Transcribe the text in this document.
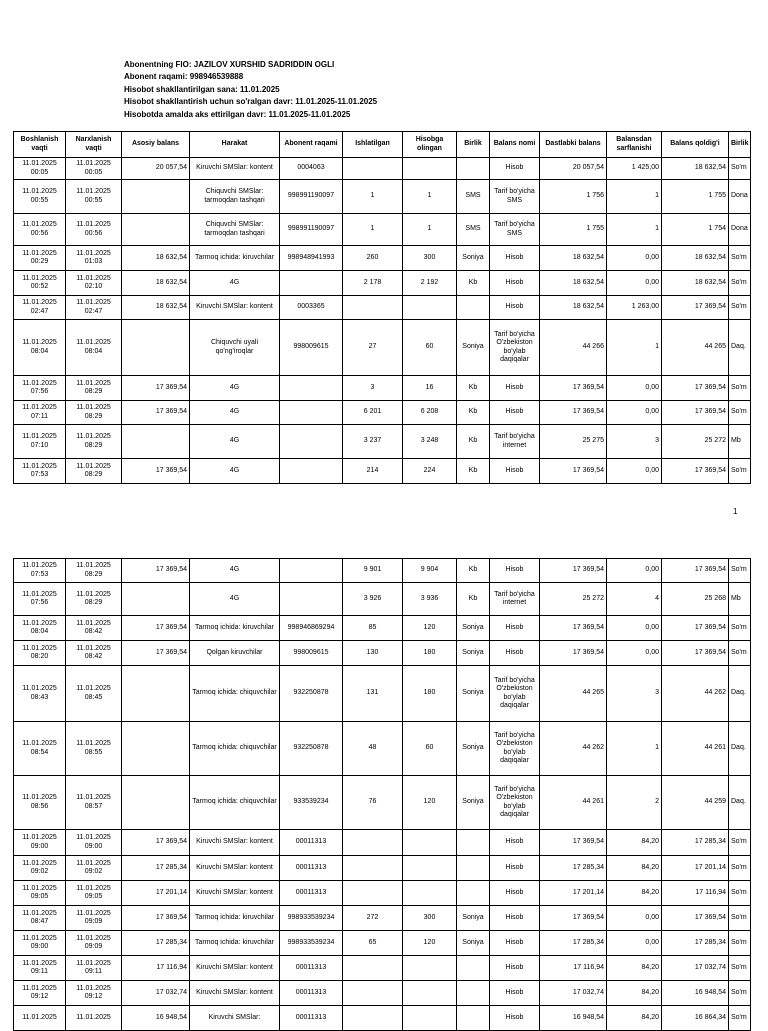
Abonentning FIO: JAZILOV XURSHID SADRIDDIN OGLI
Abonent raqami: 998946539888
Hisobot shakllantirilgan sana: 11.01.2025
Hisobot shakllantirish uchun so'ralgan davr: 11.01.2025-11.01.2025
Hisobotda amalda aks ettirilgan davr: 11.01.2025-11.01.2025
Boshlanish vaqti	Narxlanish vaqti	Asosiy balans	Harakat	Abonent raqami	Ishlatilgan	Hisobga olingan	Birlik	Balans nomi	Dastlabki balans	Balansdan sarflanishi	Balans qoldig'i	Birlik
11.01.2025 00:05	11.01.2025 00:05	20 057,54	Kiruvchi SMSlar: kontent	0004063				Hisob	20 057,54	1 425,00	18 632,54	So'm
11.01.2025 00:55	11.01.2025 00:55		Chiquvchi SMSlar: tarmoqdan tashqari	998991190097	1	1	SMS	Tarif bo'yicha SMS	1 756	1	1 755	Dona
11.01.2025 00:56	11.01.2025 00:56		Chiquvchi SMSlar: tarmoqdan tashqari	998991190097	1	1	SMS	Tarif bo'yicha SMS	1 755	1	1 754	Dona
11.01.2025 00:29	11.01.2025 01:03	18 632,54	Tarmoq ichida: kiruvchilar	998948941993	260	300	Soniya	Hisob	18 632,54	0,00	18 632,54	So'm
11.01.2025 00:52	11.01.2025 02:10	18 632,54	4G		2 178	2 192	Kb	Hisob	18 632,54	0,00	18 632,54	So'm
11.01.2025 02:47	11.01.2025 02:47	18 632,54	Kiruvchi SMSlar: kontent	0003365				Hisob	18 632,54	1 263,00	17 369,54	So'm
11.01.2025 08:04	11.01.2025 08:04		Chiquvchi uyali qo'ng'iroqlar	998009615	27	60	Soniya	Tarif bo'yicha O'zbekiston bo'ylab daqiqalar	44 266	1	44 265	Daq.
11.01.2025 07:56	11.01.2025 08:29	17 369,54	4G		3	16	Kb	Hisob	17 369,54	0,00	17 369,54	So'm
11.01.2025 07:11	11.01.2025 08:29	17 369,54	4G		6 201	6 208	Kb	Hisob	17 369,54	0,00	17 369,54	So'm
11.01.2025 07:10	11.01.2025 08:29		4G		3 237	3 248	Kb	Tarif bo'yicha internet	25 275	3	25 272	Mb
11.01.2025 07:53	11.01.2025 08:29	17 369,54	4G		214	224	Kb	Hisob	17 369,54	0,00	17 369,54	So'm
1
11.01.2025 07:53	11.01.2025 08:29	17 369,54	4G		9 901	9 904	Kb	Hisob	17 369,54	0,00	17 369,54	So'm
11.01.2025 07:56	11.01.2025 08:29		4G		3 926	3 936	Kb	Tarif bo'yicha internet	25 272	4	25 268	Mb
11.01.2025 08:04	11.01.2025 08:42	17 369,54	Tarmoq ichida: kiruvchilar	998946869294	85	120	Soniya	Hisob	17 369,54	0,00	17 369,54	So'm
11.01.2025 08:20	11.01.2025 08:42	17 369,54	Qolgan kiruvchilar	998009615	130	180	Soniya	Hisob	17 369,54	0,00	17 369,54	So'm
11.01.2025 08:43	11.01.2025 08:45		Tarmoq ichida: chiquvchilar	932250878	131	180	Soniya	Tarif bo'yicha O'zbekiston bo'ylab daqiqalar	44 265	3	44 262	Daq.
11.01.2025 08:54	11.01.2025 08:55		Tarmoq ichida: chiquvchilar	932250878	48	60	Soniya	Tarif bo'yicha O'zbekiston bo'ylab daqiqalar	44 262	1	44 261	Daq.
11.01.2025 08:56	11.01.2025 08:57		Tarmoq ichida: chiquvchilar	933539234	76	120	Soniya	Tarif bo'yicha O'zbekiston bo'ylab daqiqalar	44 261	2	44 259	Daq.
11.01.2025 09:00	11.01.2025 09:00	17 369,54	Kiruvchi SMSlar: kontent	00011313				Hisob	17 369,54	84,20	17 285,34	So'm
11.01.2025 09:02	11.01.2025 09:02	17 285,34	Kiruvchi SMSlar: kontent	00011313				Hisob	17 285,34	84,20	17 201,14	So'm
11.01.2025 09:05	11.01.2025 09:05	17 201,14	Kiruvchi SMSlar: kontent	00011313				Hisob	17 201,14	84,20	17 116,94	So'm
11.01.2025 08:47	11.01.2025 09:09	17 369,54	Tarmoq ichida: kiruvchilar	998933539234	272	300	Soniya	Hisob	17 369,54	0,00	17 369,54	So'm
11.01.2025 09:00	11.01.2025 09:09	17 285,34	Tarmoq ichida: kiruvchilar	998933539234	65	120	Soniya	Hisob	17 285,34	0,00	17 285,34	So'm
11.01.2025 09:11	11.01.2025 09:11	17 116,94	Kiruvchi SMSlar: kontent	00011313				Hisob	17 116,94	84,20	17 032,74	So'm
11.01.2025 09:12	11.01.2025 09:12	17 032,74	Kiruvchi SMSlar: kontent	00011313				Hisob	17 032,74	84,20	16 948,54	So'm
11.01.2025	11.01.2025	16 948,54	Kiruvchi SMSlar:	00011313				Hisob	16 948,54	84,20	16 864,34	So'm
